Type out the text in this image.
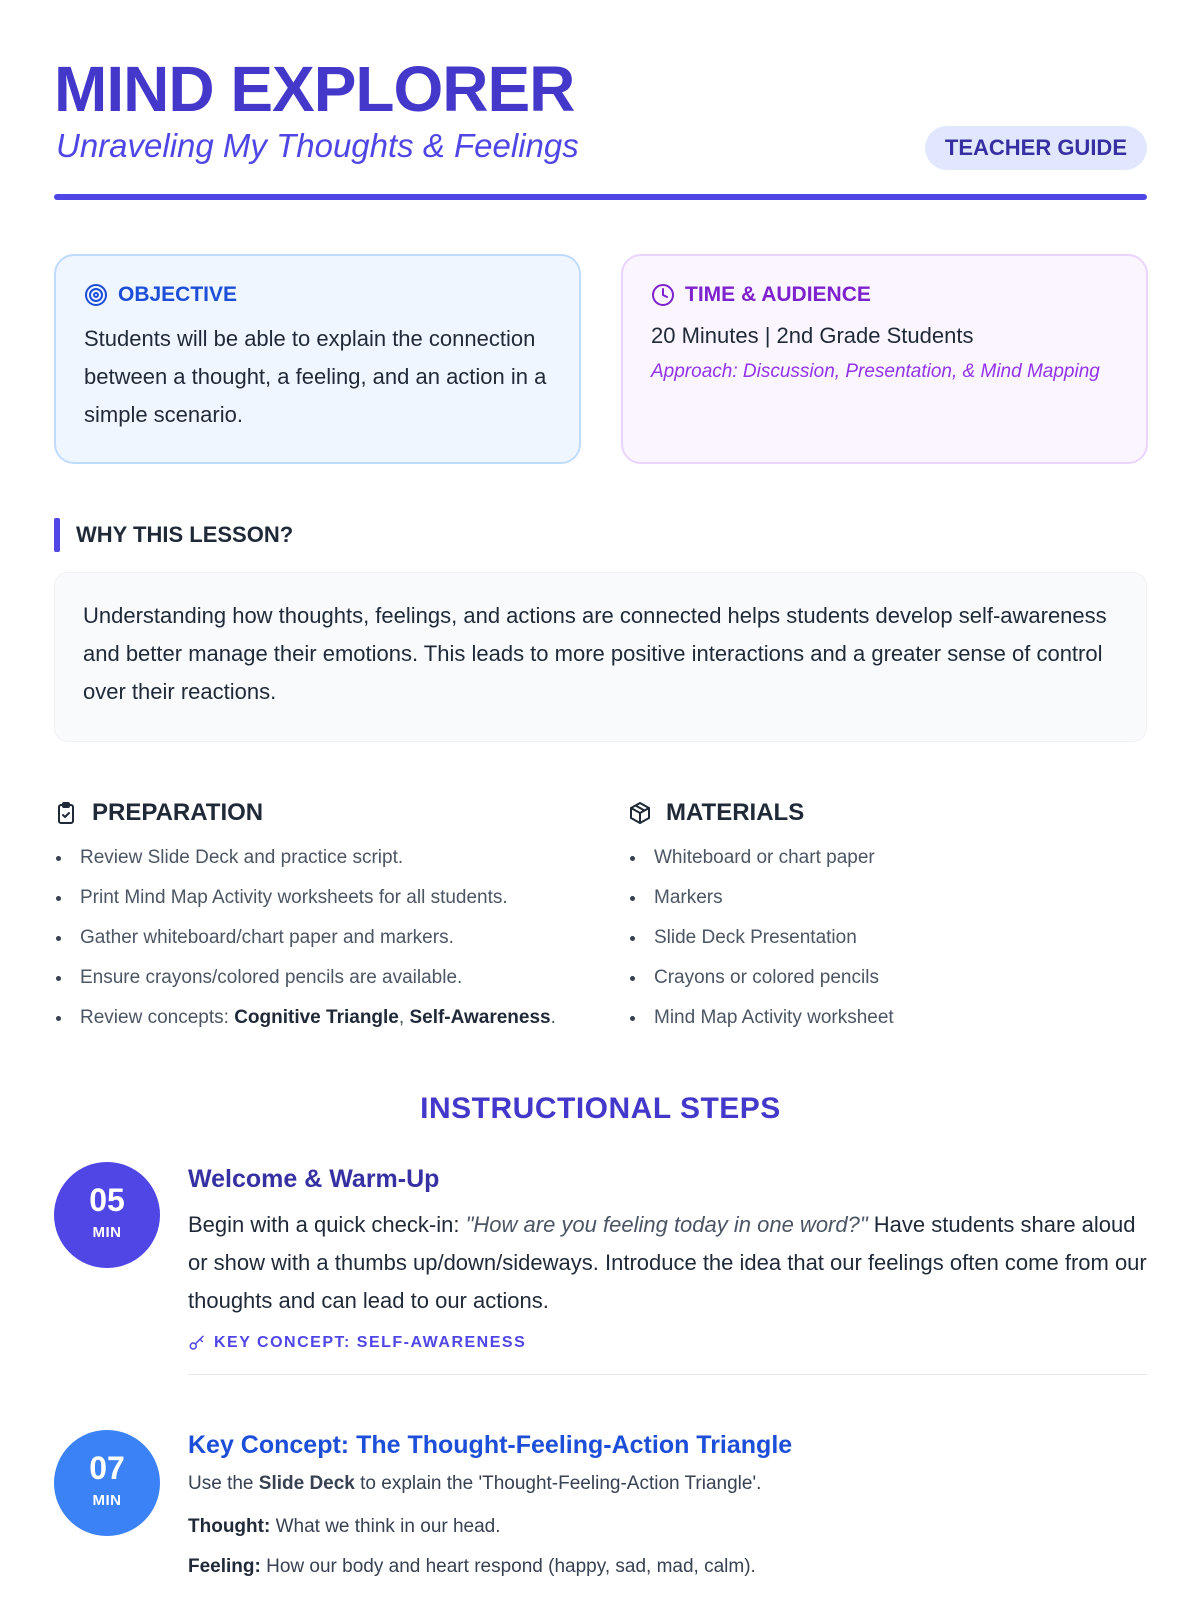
MIND EXPLORER
Unraveling My Thoughts & Feelings	TEACHER GUIDE
OBJECTIVE
Students will be able to explain the connection between a thought, a feeling, and an action in a simple scenario.
TIME & AUDIENCE
20 Minutes | 2nd Grade Students
Approach: Discussion, Presentation, & Mind Mapping
WHY THIS LESSON?
Understanding how thoughts, feelings, and actions are connected helps students develop self-awareness and better manage their emotions. This leads to more positive interactions and a greater sense of control over their reactions.
PREPARATION
Review Slide Deck and practice script.
Print Mind Map Activity worksheets for all students.
Gather whiteboard/chart paper and markers.
Ensure crayons/colored pencils are available.
Review concepts: Cognitive Triangle, Self-Awareness.
MATERIALS
Whiteboard or chart paper
Markers
Slide Deck Presentation
Crayons or colored pencils
Mind Map Activity worksheet
INSTRUCTIONAL STEPS
05
MIN
Welcome & Warm-Up
Begin with a quick check-in: "How are you feeling today in one word?" Have students share aloud or show with a thumbs up/down/sideways. Introduce the idea that our feelings often come from our thoughts and can lead to our actions.
KEY CONCEPT: SELF-AWARENESS
07
MIN
Key Concept: The Thought-Feeling-Action Triangle
Use the Slide Deck to explain the 'Thought-Feeling-Action Triangle'.
Thought: What we think in our head.
Feeling: How our body and heart respond (happy, sad, mad, calm).
